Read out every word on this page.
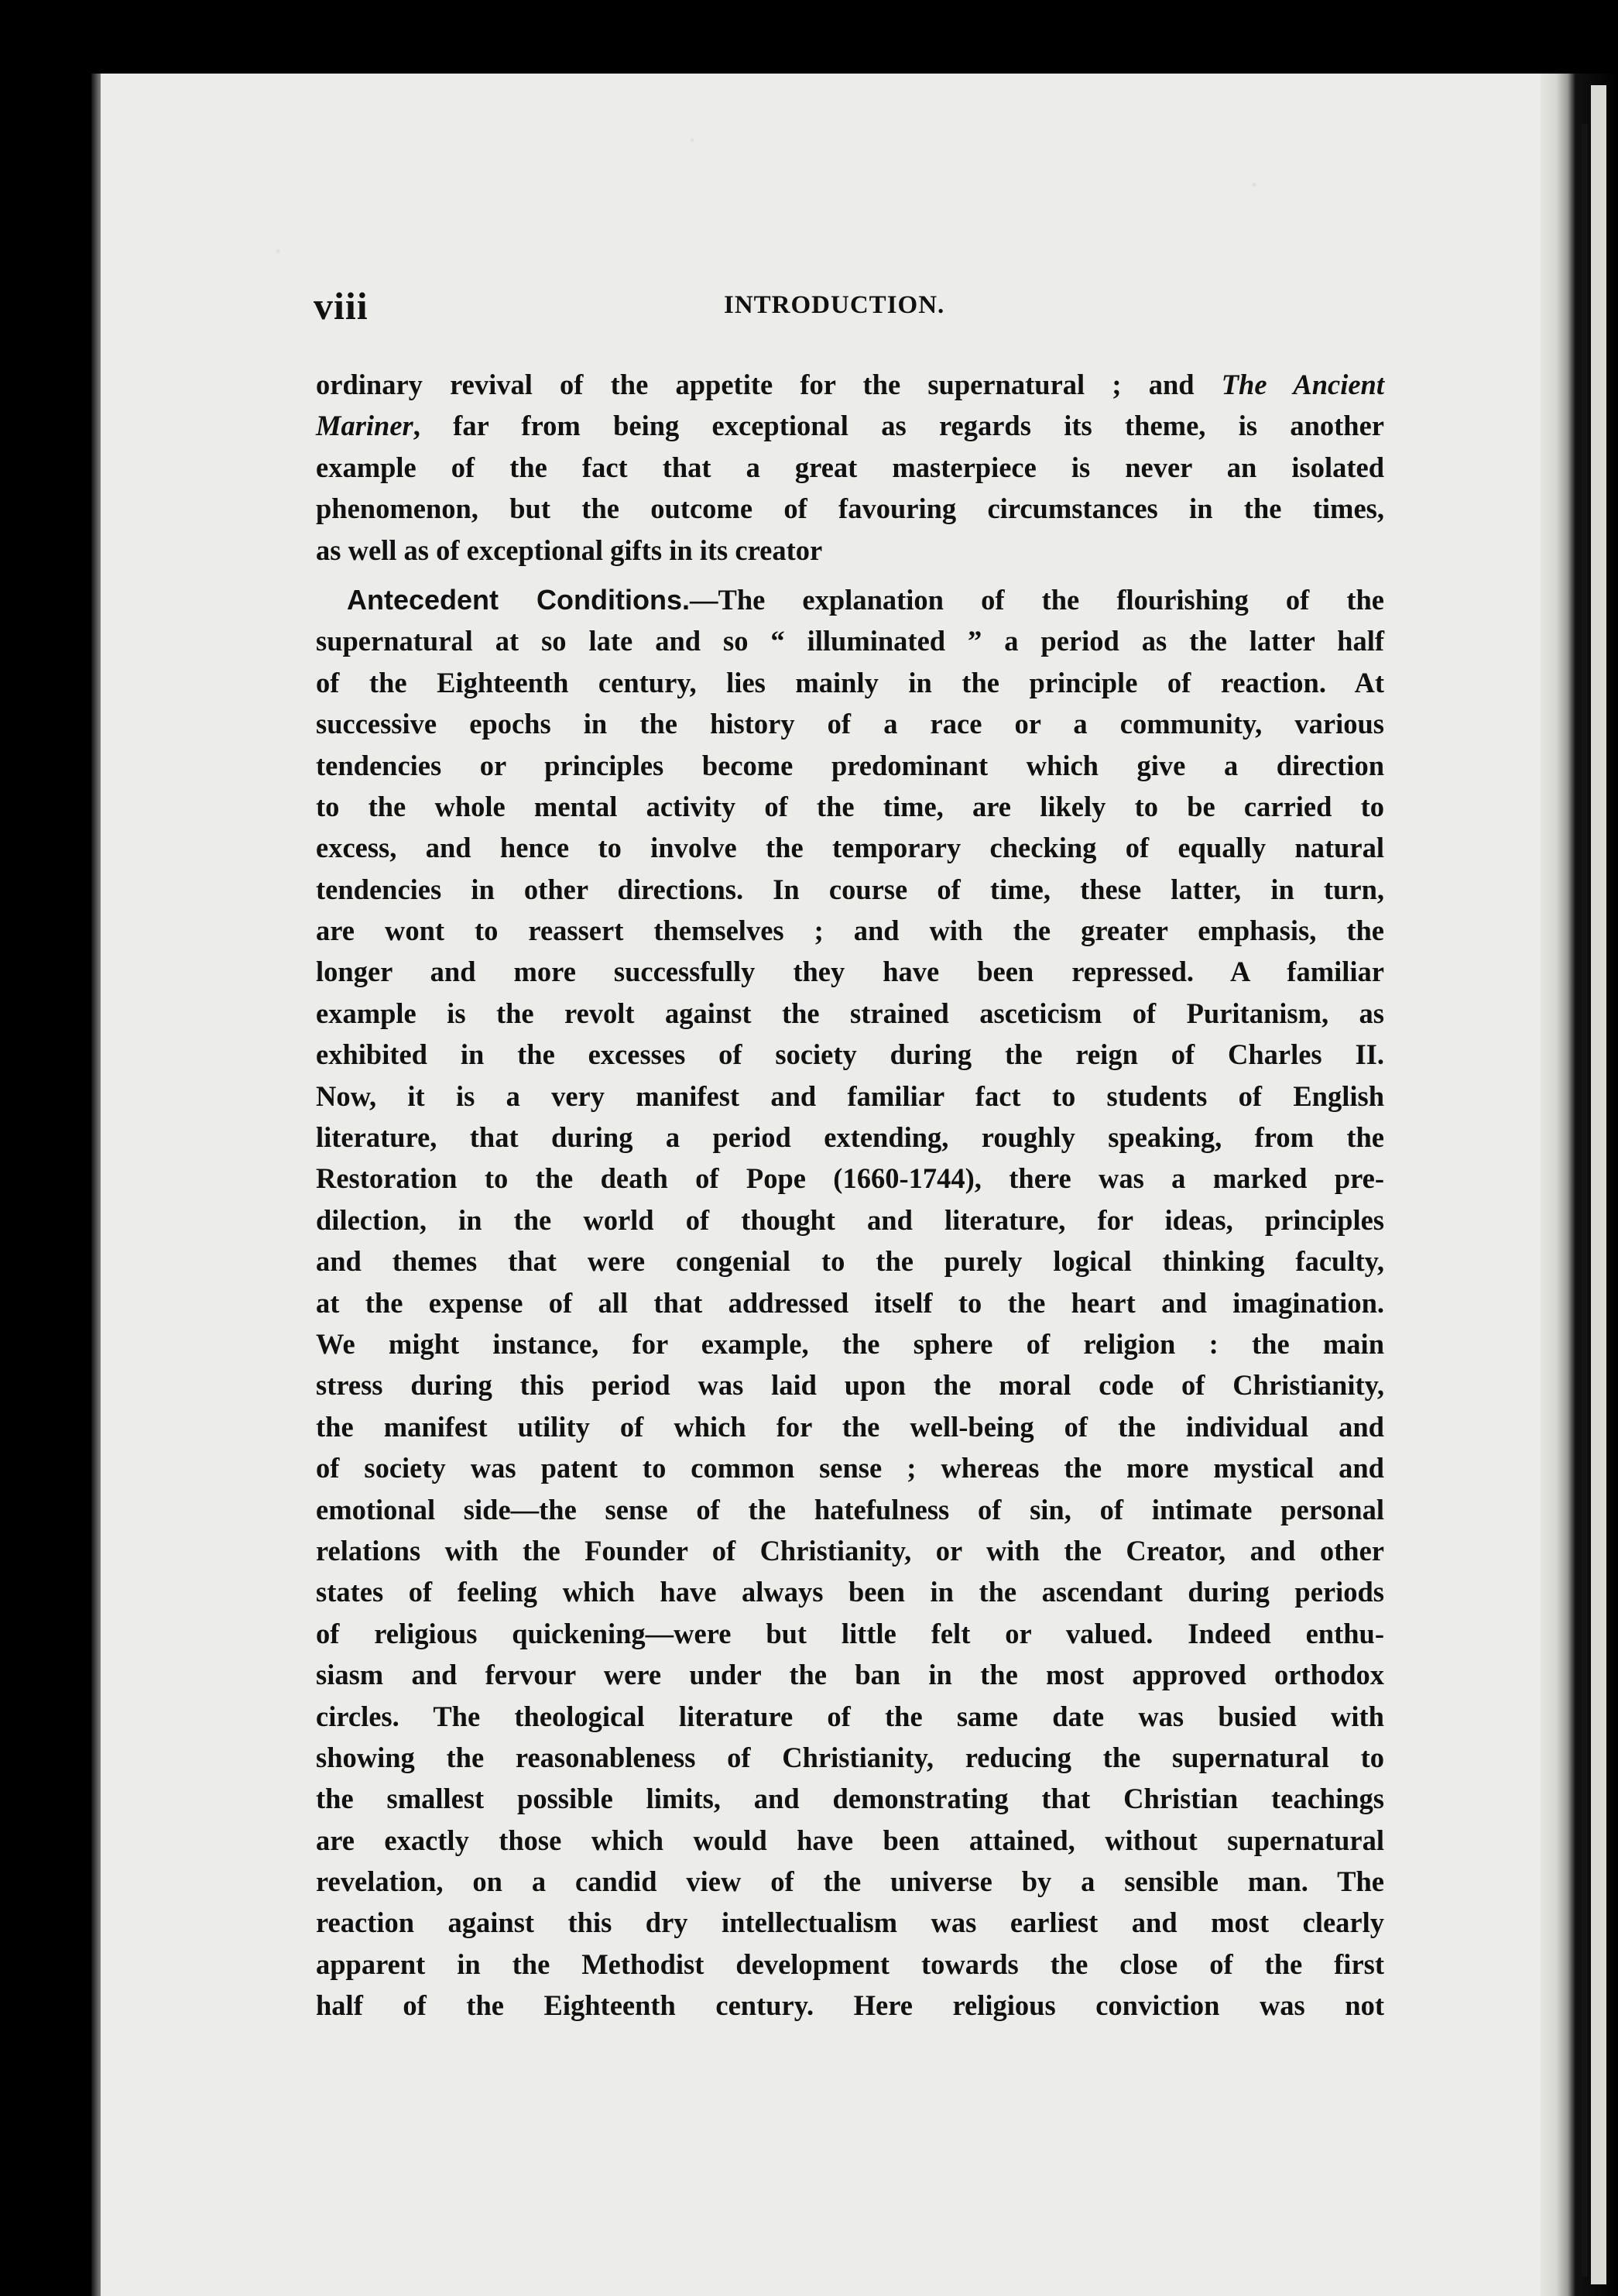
viii	INTRODUCTION.
ordinary revival of the appetite for the supernatural ; and The Ancient
Mariner, far from being exceptional as regards its theme, is another
example of the fact that a great masterpiece is never an isolated
phenomenon, but the outcome of favouring circumstances in the times,
as well as of exceptional gifts in its creator
Antecedent Conditions.—The explanation of the flourishing of the
supernatural at so late and so “ illuminated ” a period as the latter half
of the Eighteenth century, lies mainly in the principle of reaction. At
successive epochs in the history of a race or a community, various
tendencies or principles become predominant which give a direction
to the whole mental activity of the time, are likely to be carried to
excess, and hence to involve the temporary checking of equally natural
tendencies in other directions. In course of time, these latter, in turn,
are wont to reassert themselves ; and with the greater emphasis, the
longer and more successfully they have been repressed. A familiar
example is the revolt against the strained asceticism of Puritanism, as
exhibited in the excesses of society during the reign of Charles II.
Now, it is a very manifest and familiar fact to students of English
literature, that during a period extending, roughly speaking, from the
Restoration to the death of Pope (1660-1744), there was a marked pre-
dilection, in the world of thought and literature, for ideas, principles
and themes that were congenial to the purely logical thinking faculty,
at the expense of all that addressed itself to the heart and imagination.
We might instance, for example, the sphere of religion : the main
stress during this period was laid upon the moral code of Christianity,
the manifest utility of which for the well-being of the individual and
of society was patent to common sense ; whereas the more mystical and
emotional side—the sense of the hatefulness of sin, of intimate personal
relations with the Founder of Christianity, or with the Creator, and other
states of feeling which have always been in the ascendant during periods
of religious quickening—were but little felt or valued. Indeed enthu-
siasm and fervour were under the ban in the most approved orthodox
circles. The theological literature of the same date was busied with
showing the reasonableness of Christianity, reducing the supernatural to
the smallest possible limits, and demonstrating that Christian teachings
are exactly those which would have been attained, without supernatural
revelation, on a candid view of the universe by a sensible man. The
reaction against this dry intellectualism was earliest and most clearly
apparent in the Methodist development towards the close of the first
half of the Eighteenth century. Here religious conviction was not
